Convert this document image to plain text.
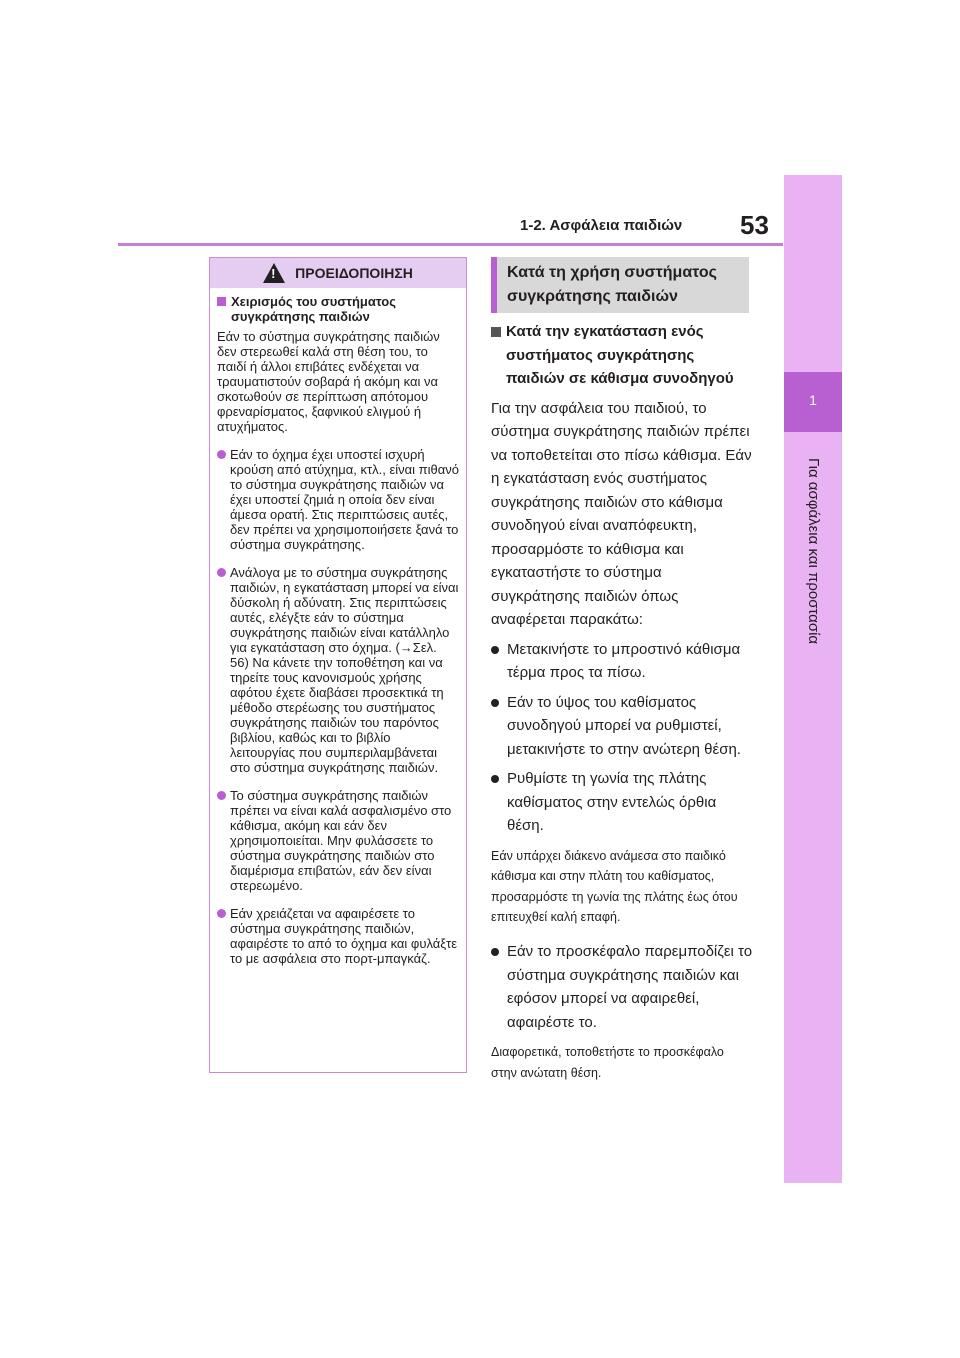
1-2. Ασφάλεια παιδιών 53
1
Για ασφάλεια και προστασία
!
ΠΡΟΕΙΔΟΠΟΙΗΣΗ
Χειρισμός του συστήματος συγκράτησης παιδιών

Εάν το σύστημα συγκράτησης παιδιών δεν στερεωθεί καλά στη θέση του, το παιδί ή άλλοι επιβάτες ενδέχεται να τραυματιστούν σοβαρά ή ακόμη και να σκοτωθούν σε περίπτωση απότομου φρεναρίσματος, ξαφνικού ελιγμού ή ατυχήματος.

Εάν το όχημα έχει υποστεί ισχυρή κρούση από ατύχημα, κτλ., είναι πιθανό το σύστημα συγκράτησης παιδιών να έχει υποστεί ζημιά η οποία δεν είναι άμεσα ορατή. Στις περιπτώσεις αυτές, δεν πρέπει να χρησιμοποιήσετε ξανά το σύστημα συγκράτησης.
Ανάλογα με το σύστημα συγκράτησης παιδιών, η εγκατάσταση μπορεί να είναι δύσκολη ή αδύνατη. Στις περιπτώσεις αυτές, ελέγξτε εάν το σύστημα συγκράτησης παιδιών είναι κατάλληλο για εγκατάσταση στο όχημα. (→Σελ. 56) Να κάνετε την τοποθέτηση και να τηρείτε τους κανονισμούς χρήσης αφότου έχετε διαβάσει προσεκτικά τη μέθοδο στερέωσης του συστήματος συγκράτησης παιδιών του παρόντος βιβλίου, καθώς και το βιβλίο λειτουργίας που συμπεριλαμβάνεται στο σύστημα συγκράτησης παιδιών.
Το σύστημα συγκράτησης παιδιών πρέπει να είναι καλά ασφαλισμένο στο κάθισμα, ακόμη και εάν δεν χρησιμοποιείται. Μην φυλάσσετε το σύστημα συγκράτησης παιδιών στο διαμέρισμα επιβατών, εάν δεν είναι στερεωμένο.
Εάν χρειάζεται να αφαιρέσετε το σύστημα συγκράτησης παιδιών, αφαιρέστε το από το όχημα και φυλάξτε το με ασφάλεια στο πορτ-μπαγκάζ.
Κατά τη χρήση συστήματος συγκράτησης παιδιών
Κατά την εγκατάσταση ενός συστήματος συγκράτησης παιδιών σε κάθισμα συνοδηγού

Για την ασφάλεια του παιδιού, το σύστημα συγκράτησης παιδιών πρέπει να τοποθετείται στο πίσω κάθισμα. Εάν η εγκατάσταση ενός συστήματος συγκράτησης παιδιών στο κάθισμα συνοδηγού είναι αναπόφευκτη, προσαρμόστε το κάθισμα και εγκαταστήστε το σύστημα συγκράτησης παιδιών όπως αναφέρεται παρακάτω:

Μετακινήστε το μπροστινό κάθισμα τέρμα προς τα πίσω.
Εάν το ύψος του καθίσματος συνοδηγού μπορεί να ρυθμιστεί, μετακινήστε το στην ανώτερη θέση.
Ρυθμίστε τη γωνία της πλάτης καθίσματος στην εντελώς όρθια θέση.

Εάν υπάρχει διάκενο ανάμεσα στο παιδικό κάθισμα και στην πλάτη του καθίσματος, προσαρμόστε τη γωνία της πλάτης έως ότου επιτευχθεί καλή επαφή.

Εάν το προσκέφαλο παρεμποδίζει το σύστημα συγκράτησης παιδιών και εφόσον μπορεί να αφαιρεθεί, αφαιρέστε το.

Διαφορετικά, τοποθετήστε το προσκέφαλο στην ανώτατη θέση.
